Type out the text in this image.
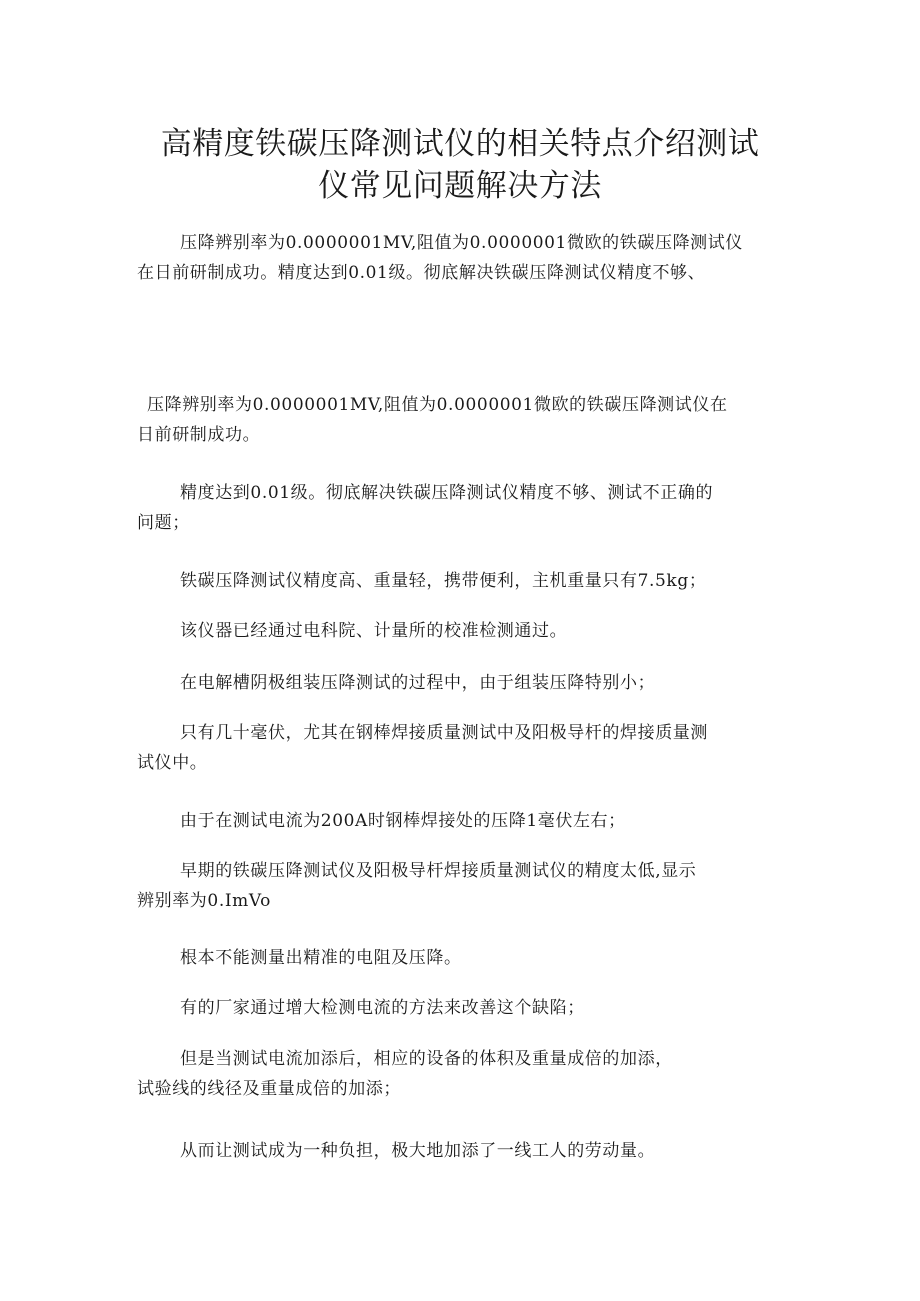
高精度铁碳压降测试仪的相关特点介绍测试
仪常见问题解决方法

压降辨别率为0.0000001MV,阻值为0.0000001微欧的铁碳压降测试仪
在日前研制成功。精度达到0.01级。彻底解决铁碳压降测试仪精度不够、

压降辨别率为0.0000001MV,阻值为0.0000001微欧的铁碳压降测试仪在
日前研制成功。

精度达到0.01级。彻底解决铁碳压降测试仪精度不够、测试不正确的
问题；

铁碳压降测试仪精度高、重量轻，携带便利，主机重量只有7.5kg；

该仪器已经通过电科院、计量所的校准检测通过。

在电解槽阴极组装压降测试的过程中，由于组装压降特别小；

只有几十毫伏，尤其在钢棒焊接质量测试中及阳极导杆的焊接质量测
试仪中。

由于在测试电流为200A时钢棒焊接处的压降1毫伏左右；

早期的铁碳压降测试仪及阳极导杆焊接质量测试仪的精度太低,显示
辨别率为0.ImVo

根本不能测量出精准的电阻及压降。

有的厂家通过增大检测电流的方法来改善这个缺陷；

但是当测试电流加添后，相应的设备的体积及重量成倍的加添，
试验线的线径及重量成倍的加添；

从而让测试成为一种负担，极大地加添了一线工人的劳动量。
